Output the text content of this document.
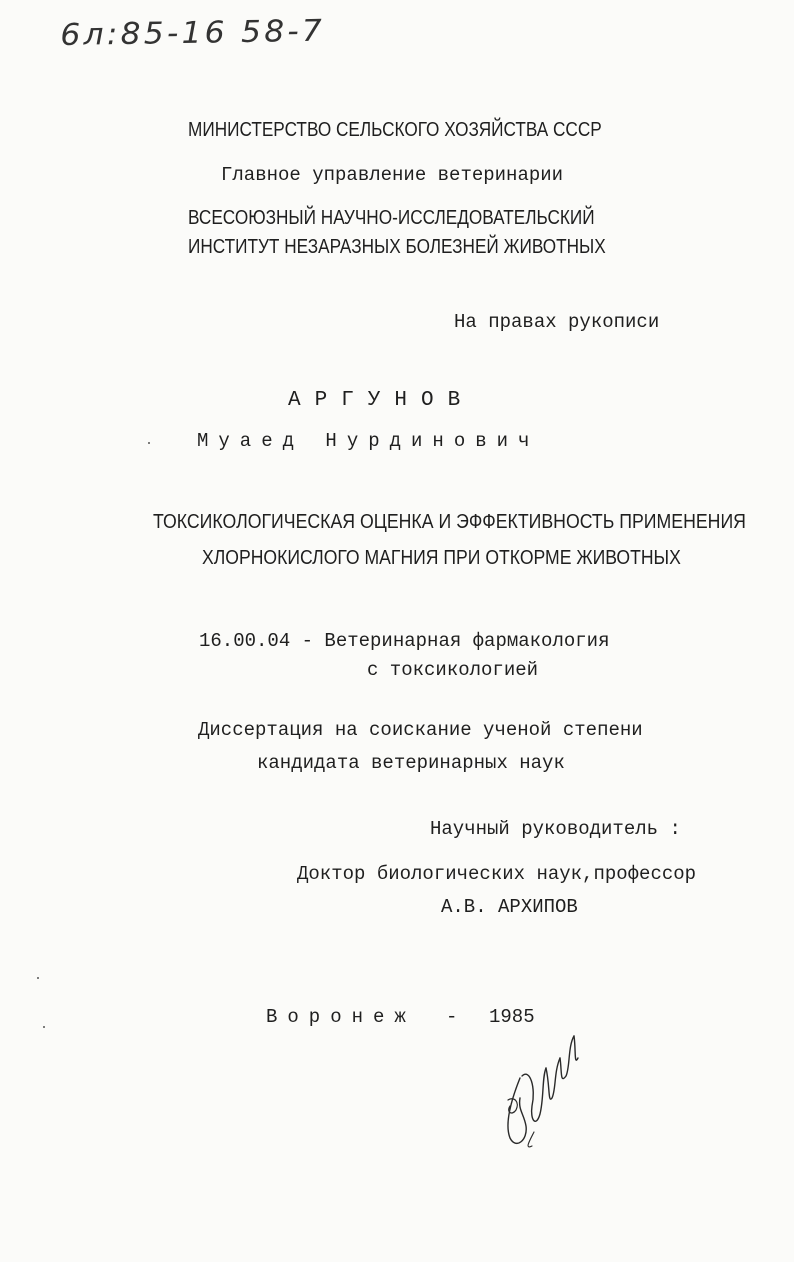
6л:85-16 58-7
МИНИСТЕРСТВО СЕЛЬСКОГО ХОЗЯЙСТВА СССР
Главное управление ветеринарии
ВСЕСОЮЗНЫЙ НАУЧНО-ИССЛЕДОВАТЕЛЬСКИЙ
ИНСТИТУТ НЕЗАРАЗНЫХ БОЛЕЗНЕЙ ЖИВОТНЫХ
На правах рукописи
АРГУНОВ
Муаед Нурдинович
ТОКСИКОЛОГИЧЕСКАЯ ОЦЕНКА И ЭФФЕКТИВНОСТЬ ПРИМЕНЕНИЯ
ХЛОРНОКИСЛОГО МАГНИЯ ПРИ ОТКОРМЕ ЖИВОТНЫХ
16.00.04 - Ветеринарная фармакология
с токсикологией
Диссертация на соискание ученой степени
кандидата ветеринарных наук
Научный руководитель :
Доктор биологических наук,профессор
А.В. АРХИПОВ
Воронеж - 1985
